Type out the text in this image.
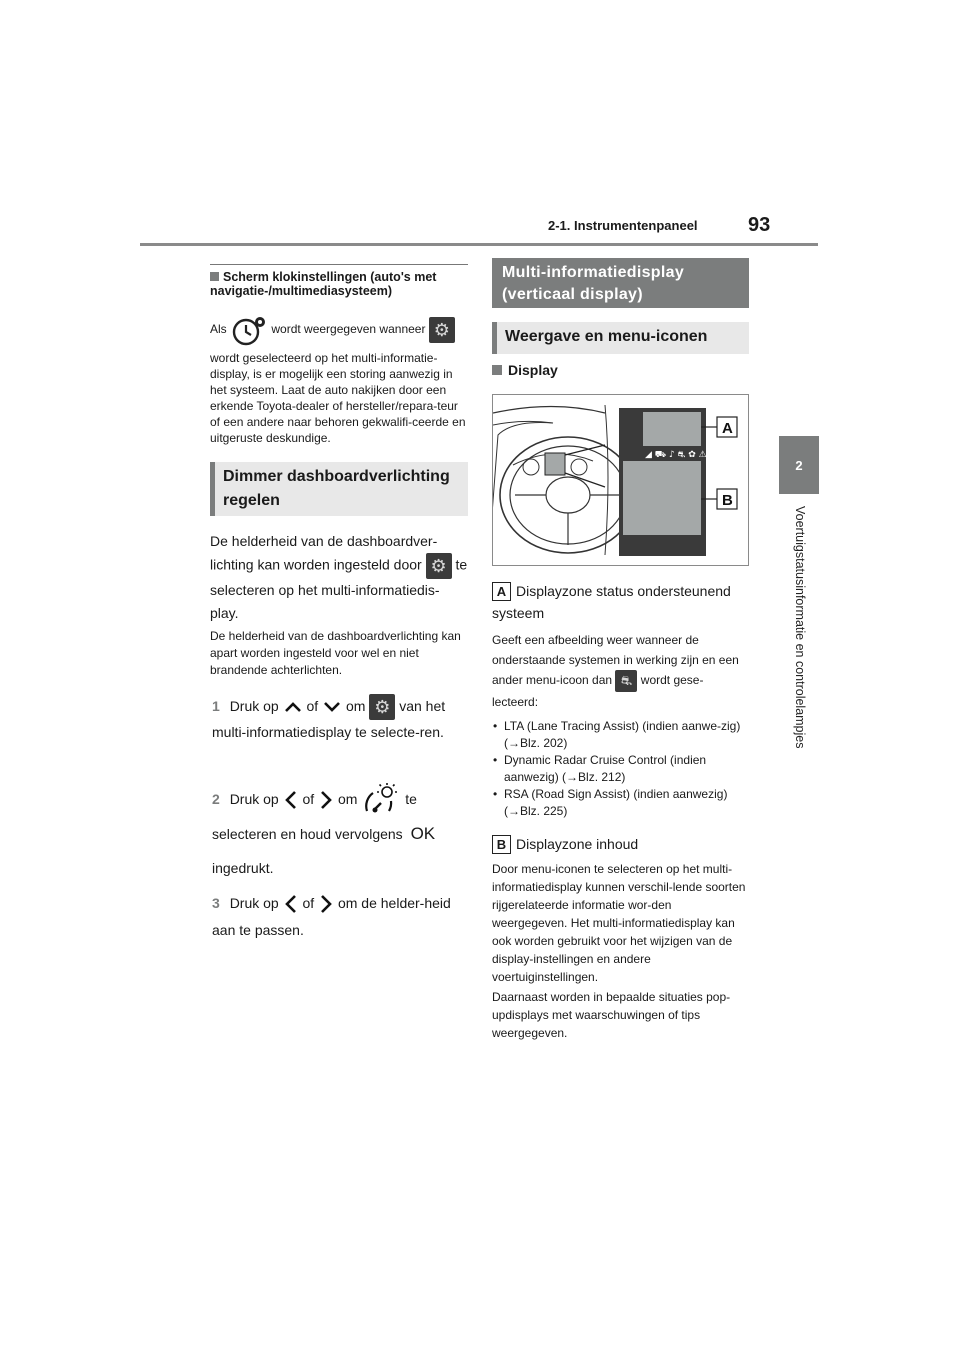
2-1. Instrumentenpaneel	93
2
Voertuigstatusinformatie en controlelampjes
Scherm klokinstellingen (auto's met navigatie-/multimediasysteem)
Als	wordt weergegeven wanneer ⚙
wordt geselecteerd op het multi-informatie-display, is er mogelijk een storing aanwezig in het systeem. Laat de auto nakijken door een erkende Toyota-dealer of hersteller/repara-teur of een andere naar behoren gekwalifi-ceerde en uitgeruste deskundige.
Dimmer dashboardverlichting regelen
De helderheid van de dashboardver-lichting kan worden ingesteld door ⚙ te selecteren op het multi-informatiedis-play.
De helderheid van de dashboardverlichting kan apart worden ingesteld voor wel en niet brandende achterlichten.
1 Druk op of om ⚙ van het multi-informatiedisplay te selecte-ren.
2 Druk op of om	te selecteren en houd vervolgens OK ingedrukt.
3 Druk op of om de helder-heid aan te passen.
Multi-informatiedisplay (verticaal display)
Weergave en menu-iconen
Display
◢ ⛟ ♪ ⛐ ✿ ⚠
A
B
A Displayzone status ondersteunend systeem
Geeft een afbeelding weer wanneer de onderstaande systemen in werking zijn en een ander menu-icoon dan ⛐ wordt gese-lecteerd:
• LTA (Lane Tracing Assist) (indien aanwe-zig) (→Blz. 202)
• Dynamic Radar Cruise Control (indien aanwezig) (→Blz. 212)
• RSA (Road Sign Assist) (indien aanwezig) (→Blz. 225)
B Displayzone inhoud
Door menu-iconen te selecteren op het multi-informatiedisplay kunnen verschil-lende soorten rijgerelateerde informatie wor-den weergegeven. Het multi-informatiedisplay kan ook worden gebruikt voor het wijzigen van de display-instellingen en andere voertuiginstellingen.
Daarnaast worden in bepaalde situaties pop-updisplays met waarschuwingen of tips weergegeven.
